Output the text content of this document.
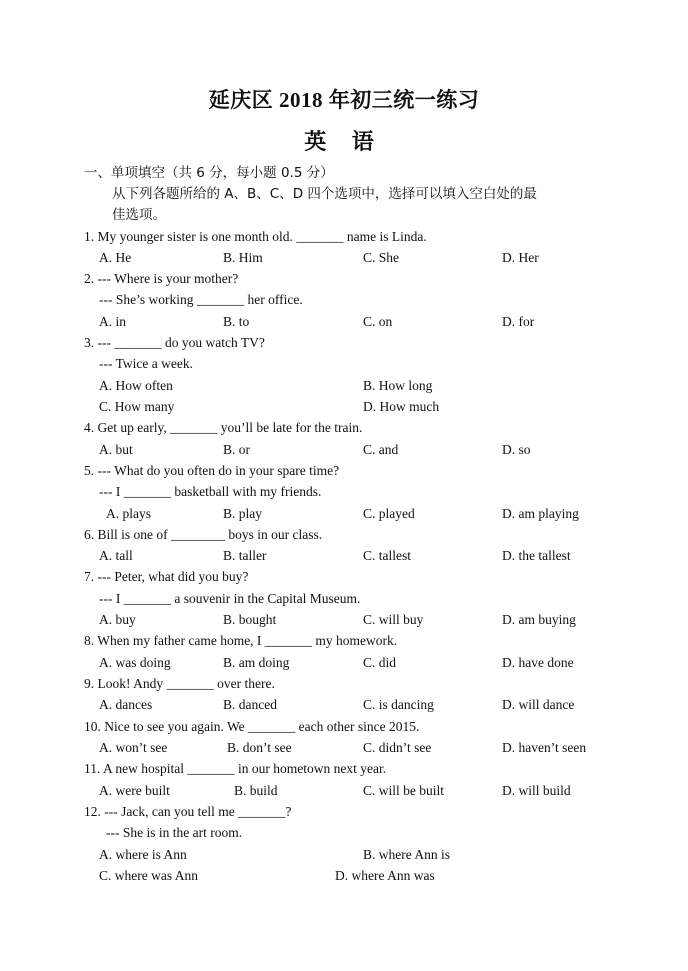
延庆区 2018 年初三统一练习
英 语
一、单项填空（共 6 分，每小题 0.5 分）
从下列各题所给的 A、B、C、D 四个选项中，选择可以填入空白处的最
佳选项。
1. My younger sister is one month old. _______ name is Linda.
A. He	B. Him	C. She	D. Her
2. --- Where is your mother?
--- She’s working _______ her office.
A. in	B. to	C. on	D. for
3. --- _______ do you watch TV?
--- Twice a week.
A. How often	B. How long
C. How many	D. How much
4. Get up early, _______ you’ll be late for the train.
A. but	B. or	C. and	D. so
5. --- What do you often do in your spare time?
--- I _______ basketball with my friends.
A. plays	B. play	C. played	D. am playing
6. Bill is one of ________ boys in our class.
A. tall	B. taller	C. tallest	D. the tallest
7. --- Peter, what did you buy?
--- I _______ a souvenir in the Capital Museum.
A. buy	B. bought	C. will buy	D. am buying
8. When my father came home, I _______ my homework.
A. was doing	B. am doing	C. did	D. have done
9. Look! Andy _______ over there.
A. dances	B. danced	C. is dancing	D. will dance
10. Nice to see you again. We _______ each other since 2015.
A. won’t see	B. don’t see	C. didn’t see	D. haven’t seen
11. A new hospital _______ in our hometown next year.
A. were built	B. build	C. will be built	D. will build
12. --- Jack, can you tell me _______?
--- She is in the art room.
A. where is Ann	B. where Ann is
C. where was Ann	D. where Ann was
